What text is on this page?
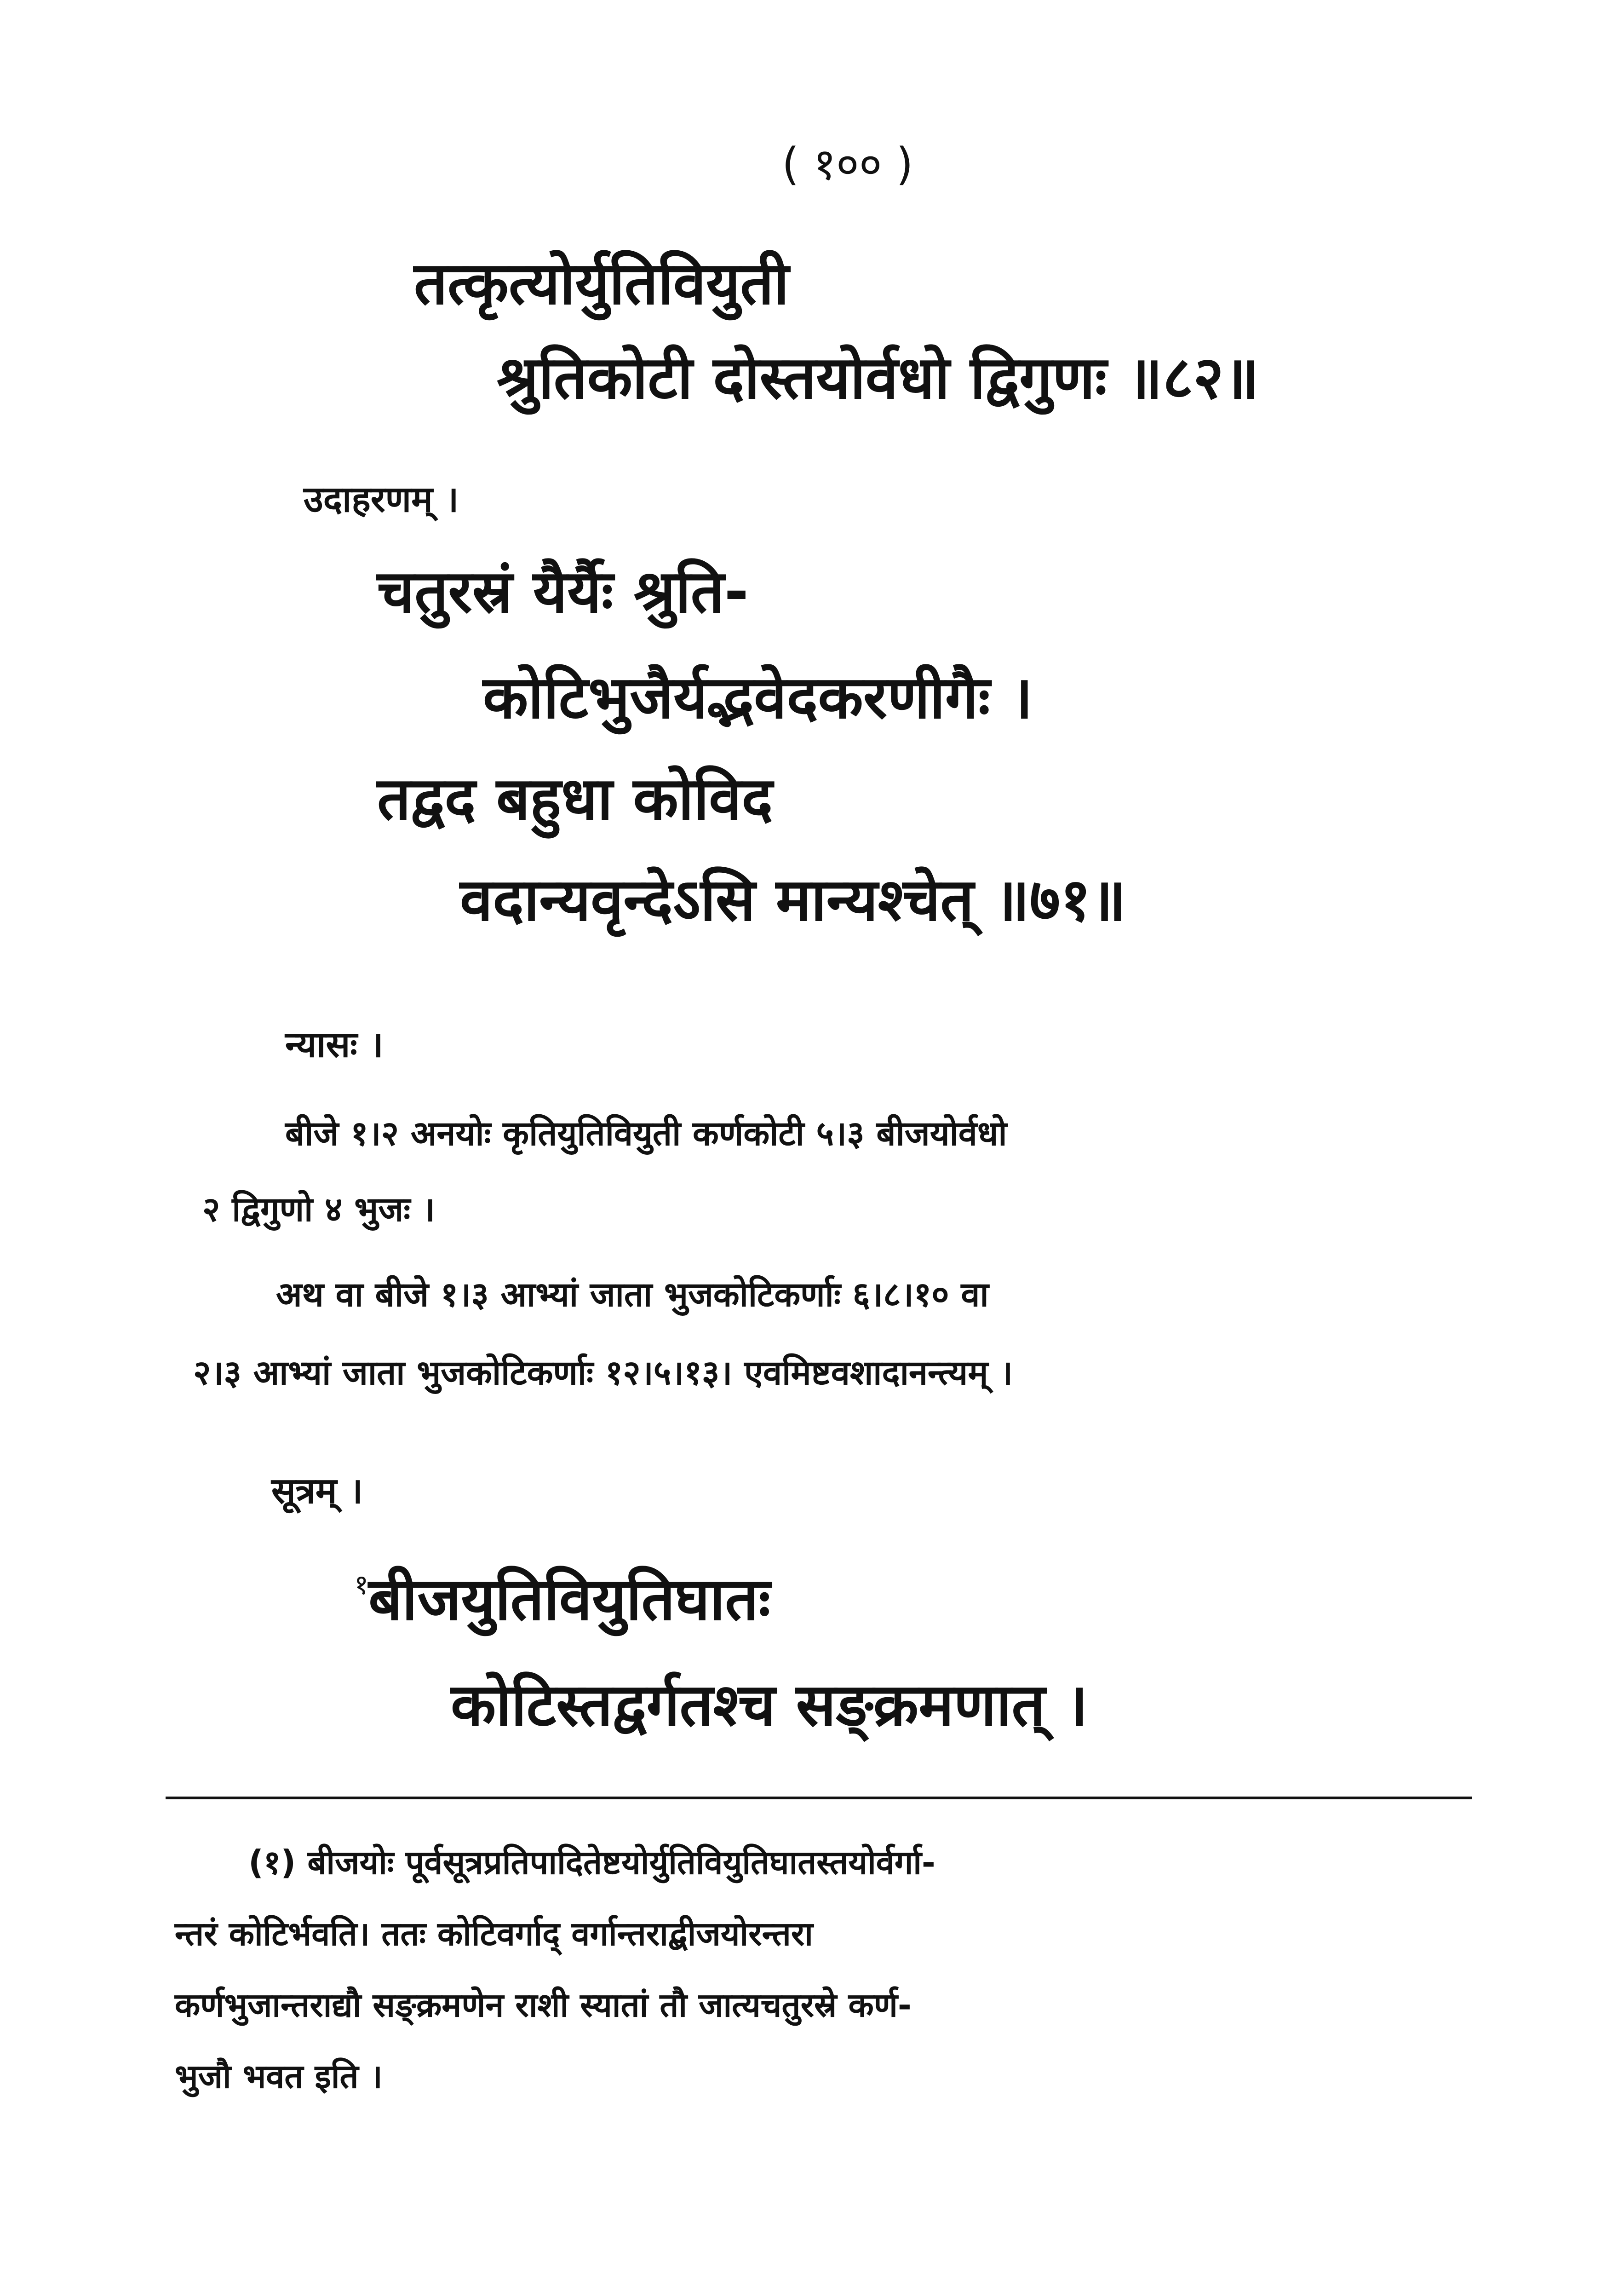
( १०० )
तत्कृत्योर्युतिवियुती
श्रुतिकोटी दोस्तयोर्वधो द्विगुणः ॥८२॥
उदाहरणम् ।
चतुरस्रं यैर्यैः श्रुति-
कोटिभुजैर्यद्भवेदकरणीगैः ।
तद्वद बहुधा कोविद
वदान्यवृन्देऽसि मान्यश्चेत् ॥७१॥
न्यासः ।
बीजे १।२ अनयोः कृतियुतिवियुती कर्णकोटी ५।३ बीजयोर्वधो
२ द्विगुणो ४ भुजः ।
अथ वा बीजे १।३ आभ्यां जाता भुजकोटिकर्णाः ६।८।१० वा
२।३ आभ्यां जाता भुजकोटिकर्णाः १२।५।१३। एवमिष्टवशादानन्त्यम् ।
सूत्रम् ।
$^१$बीजयुतिवियुतिघातः
कोटिस्तद्वर्गतश्च सङ्क्रमणात् ।
(१) बीजयोः पूर्वसूत्रप्रतिपादितेष्टयोर्युतिवियुतिघातस्तयोर्वर्गा-
न्तरं कोटिर्भवति। ततः कोटिवर्गाद् वर्गान्तराद्बीजयोरन्तरा
कर्णभुजान्तराद्यौ सङ्क्रमणेन राशी स्यातां तौ जात्यचतुरस्रे कर्ण-
भुजौ भवत इति ।
